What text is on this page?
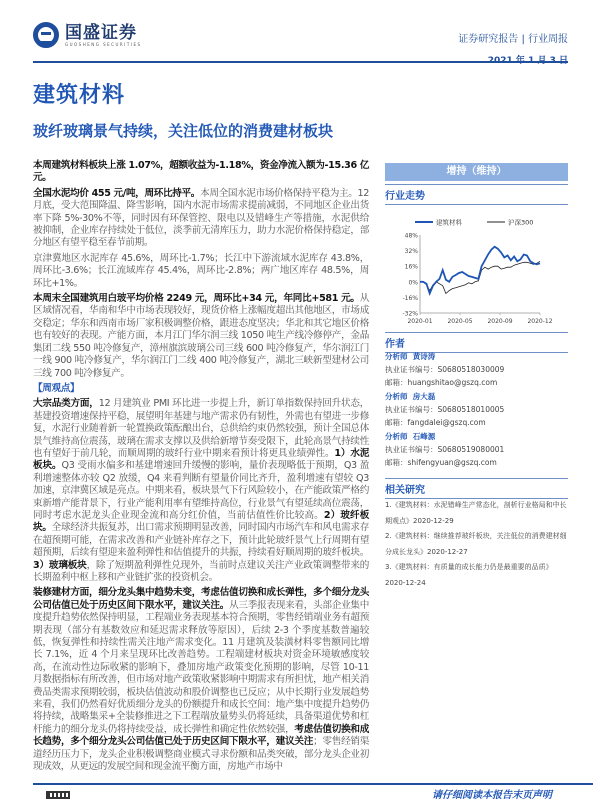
国盛证券
GUOSHENG SECURITIES	证券研究报告 | 行业周报
建筑材料
玻纤玻璃景气持续，关注低位的消费建材板块

本周建筑材料板块上涨 1.07%，超额收益为-1.18%，资金净流入额为-15.36 亿元。

全国水泥均价 455 元/吨，周环比持平。本周全国水泥市场价格保持平稳为主。12 月底，受大范围降温、降雪影响，国内水泥市场需求提前减弱，不同地区企业出货率下降 5%-30%不等，同时因有环保管控、限电以及错峰生产等措施，水泥供给被抑制，企业库存持续处于低位，淡季前无清库压力，助力水泥价格保持稳定，部分地区有望平稳至春节前期。

京津冀地区水泥库存 45.6%，周环比-1.7%；长江中下游流域水泥库存 43.8%，周环比-3.6%；长江流域库存 45.4%，周环比-2.8%；两广地区库存 48.5%，周环比+1%。

本周末全国建筑用白玻平均价格 2249 元，周环比+34 元，年同比+581 元。从区域情况看，华南和华中市场表现较好，现货价格上涨幅度超出其他地区，市场成交稳定；华东和西南市场厂家积极调整价格，跟进态度坚决；华北和其它地区价格也有较好的表现。产能方面，本月江门华尔润三线 1050 吨生产线冷修停产，金晶集团二线 550 吨冷修复产，漳州旗滨玻璃公司三线 600 吨冷修复产，华尔润江门一线 900 吨冷修复产，华尔润江门二线 400 吨冷修复产，湖北三峡新型建材公司三线 700 吨冷修复产。

【周观点】

大宗品类方面，12 月建筑业 PMI 环比进一步提上升，新订单指数保持回升状态，基建投资增速保持平稳，展望明年基建与地产需求仍有韧性，外需也有望进一步修复，水泥行业随着新一轮置换政策酝酿出台，总供给约束仍然较强，预计全国总体景气维持高位震荡，玻璃在需求支撑以及供给新增节奏受限下，此轮高景气持续性也有望好于前几轮，而顺周期的玻纤行业中期来看预计将更具业绩弹性。1）水泥板块。Q3 受雨水偏多和基建增速回升缓慢的影响，量价表现略低于预期，Q3 盈利增速整体亦较 Q2 放缓，Q4 来看判断有望量价同比齐升，盈利增速有望较 Q3 加速，京津冀区域是亮点。中期来看，板块景气下行风险较小，在产能政策严格约束新增产能背景下，行业产能利用率有望维持高位，行业景气有望延续高位震荡，同时考虑水泥龙头企业现金流和高分红价值，当前估值性价比较高。2）玻纤板块。全球经济共振复苏，出口需求预期明显改善，同时国内市场汽车和风电需求存在超预期可能，在需求改善和产业链补库存之下，预计此轮玻纤景气上行周期有望超预期，后续有望迎来盈利弹性和估值提升的共振，持续看好顺周期的玻纤板块。3）玻璃板块，除了短期盈利弹性兑现外，当前时点建议关注产业政策调整带来的长期盈利中枢上移和产业链扩张的投资机会。

装修建材方面，细分龙头集中趋势未变，考虑估值切换和成长弹性，多个细分龙头公司估值已处于历史区间下限水平，建议关注。从三季报表现来看，头部企业集中度提升趋势依然保持明显，工程端业务表现基本符合预期，零售经销端业务有超预期表现（部分有基数效应和延迟需求释放等原因），后续 2-3 个季度基数普遍较低，恢复弹性和持续性需关注地产需求变化。11 月建筑及装潢材料零售额同比增长 7.1%，近 4 个月来呈现环比改善趋势。工程端建材板块对资金环境敏感度较高，在流动性边际收紧的影响下，叠加房地产政策变化预期的影响，尽管 10-11 月数据指标有所改善，但市场对地产政策收紧影响中期需求有所担忧，地产相关消费品类需求预期较弱，板块估值波动和股价调整也已反应；从中长期行业发展趋势来看，我们仍然看好优质细分龙头的份额提升和成长空间：地产集中度提升趋势仍将持续，战略集采+全装修推进之下工程端放量势头仍将延续，具备渠道优势和杠杆能力的细分龙头仍将持续受益，成长弹性和确定性依然较强，考虑估值切换和成长趋势，多个细分龙头公司估值已处于历史区间下限水平，建议关注；零售经销渠道经历压力下，龙头企业积极调整商业模式寻求份额和品类突破，部分龙头企业初现成效，从更远的发展空间和现金流平衡方面，房地产市场中

增持（维持）
行业走势
48%
32%
16%
0%
-16%
-32%
2020-01 2020-05 2020-09 2020-12
建筑材料	沪深300
作者
分析师 黄诗涛
执业证书编号：S0680518030009
邮箱：huangshitao@gszq.com
分析师 房大磊
执业证书编号：S0680518010005
邮箱：fangdalei@gszq.com
分析师 石峰源
执业证书编号：S0680519080001
邮箱：shifengyuan@gszq.com
相关研究
1.《建筑材料：水泥错峰生产常态化，剖析行业格局和中长期观点》2020-12-29
2.《建筑材料：继续推荐玻纤板块，关注低位的消费建材细分成长龙头》2020-12-27
3.《建筑材料：有质量的成长能力仍是最重要的品质》
2020-12-24
请仔细阅读本报告末页声明
